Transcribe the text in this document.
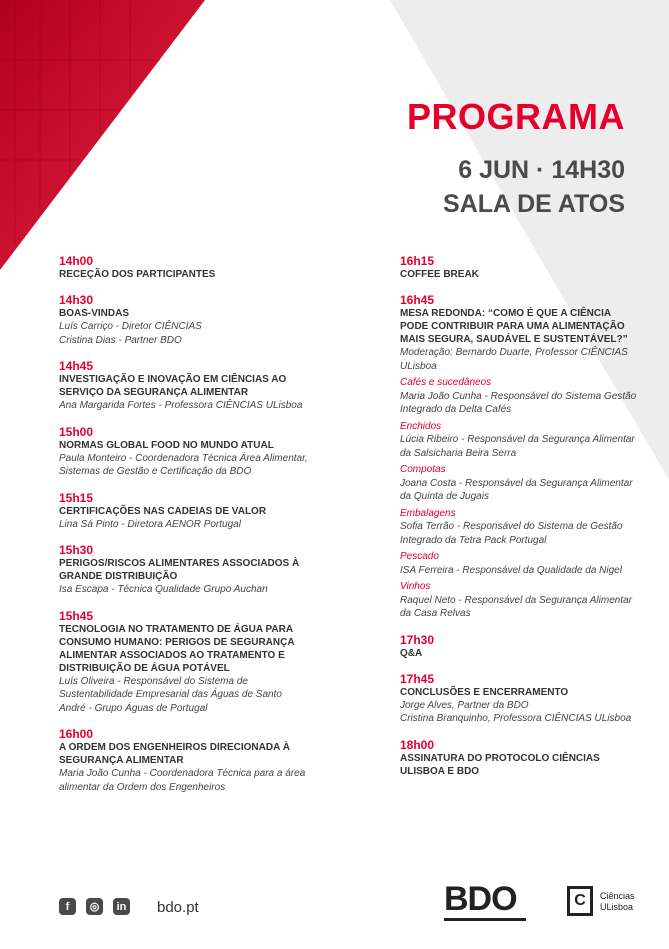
PROGRAMA
6 JUN · 14H30
SALA DE ATOS
14h00
RECEÇÃO DOS PARTICIPANTES
14h30
BOAS-VINDAS
Luís Carriço - Diretor CIÊNCIAS
Cristina Dias - Partner BDO
14h45
INVESTIGAÇÃO E INOVAÇÃO EM CIÊNCIAS AO SERVIÇO DA SEGURANÇA ALIMENTAR
Ana Margarida Fortes - Professora CIÊNCIAS ULisboa
15h00
NORMAS GLOBAL FOOD NO MUNDO ATUAL
Paula Monteiro - Coordenadora Técnica Área Alimentar, Sistemas de Gestão e Certificação da BDO
15h15
CERTIFICAÇÕES NAS CADEIAS DE VALOR
Lina Sá Pinto - Diretora AENOR Portugal
15h30
PERIGOS/RISCOS ALIMENTARES ASSOCIADOS À GRANDE DISTRIBUIÇÃO
Isa Escapa - Técnica Qualidade Grupo Auchan
15h45
TECNOLOGIA NO TRATAMENTO DE ÁGUA PARA CONSUMO HUMANO: PERIGOS DE SEGURANÇA ALIMENTAR ASSOCIADOS AO TRATAMENTO E DISTRIBUIÇÃO DE ÁGUA POTÁVEL
Luís Oliveira - Responsável do Sistema de Sustentabilidade Empresarial das Águas de Santo André - Grupo Águas de Portugal
16h00
A ORDEM DOS ENGENHEIROS DIRECIONADA À SEGURANÇA ALIMENTAR
Maria João Cunha - Coordenadora Técnica para a área alimentar da Ordem dos Engenheiros
16h15
COFFEE BREAK
16h45
MESA REDONDA: “COMO É QUE A CIÊNCIA PODE CONTRIBUIR PARA UMA ALIMENTAÇÃO MAIS SEGURA, SAUDÁVEL E SUSTENTÁVEL?”
Moderação: Bernardo Duarte, Professor CIÊNCIAS ULisboa
Cafés e sucedâneos
Maria João Cunha - Responsável do Sistema Gestão Integrado da Delta Cafés
Enchidos
Lúcia Ribeiro - Responsável da Segurança Alimentar da Salsicharia Beira Serra
Compotas
Joana Costa - Responsável da Segurança Alimentar da Quinta de Jugais
Embalagens
Sofia Terrão - Responsável do Sistema de Gestão Integrado da Tetra Pack Portugal
Pescado
ISA Ferreira - Responsável da Qualidade da Nigel
Vinhos
Raquel Neto - Responsável da Segurança Alimentar da Casa Relvas
17h30
Q&A
17h45
CONCLUSÕES E ENCERRAMENTO
Jorge Alves, Partner da BDO
Cristina Branquinho, Professora CIÊNCIAS ULisboa
18h00
ASSINATURA DO PROTOCOLO CIÊNCIAS ULISBOA E BDO
f	◎	in bdo.pt	BDO	C	Ciências
ULisboa
